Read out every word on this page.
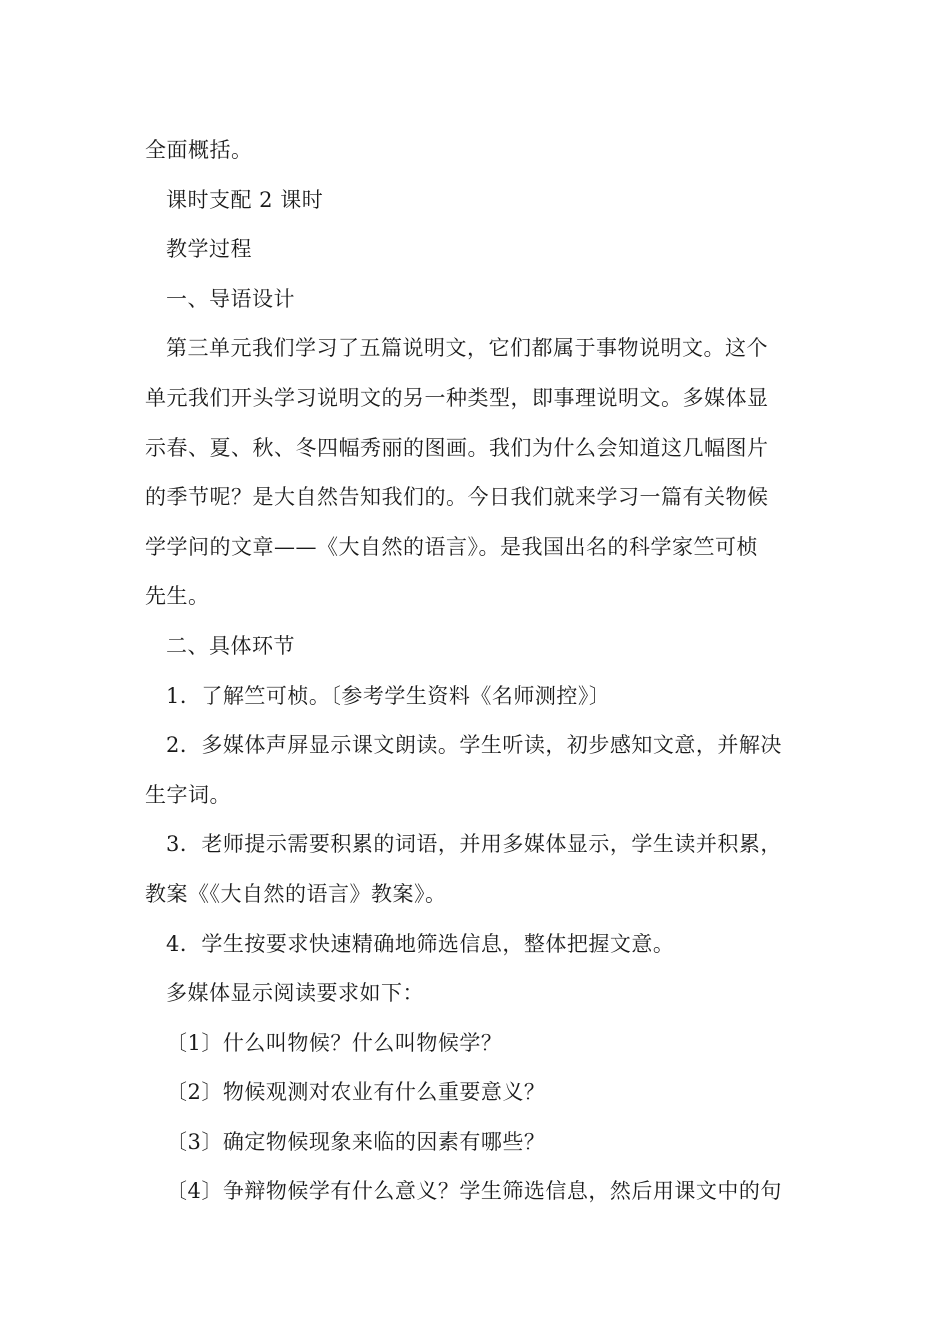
全面概括。
课时支配 2 课时
教学过程
一、导语设计
第三单元我们学习了五篇说明文，它们都属于事物说明文。这个
单元我们开头学习说明文的另一种类型，即事理说明文。多媒体显
示春、夏、秋、冬四幅秀丽的图画。我们为什么会知道这几幅图片
的季节呢？是大自然告知我们的。今日我们就来学习一篇有关物候
学学问的文章——《大自然的语言》。是我国出名的科学家竺可桢
先生。
二、具体环节
1．了解竺可桢。〔参考学生资料《名师测控》〕
2．多媒体声屏显示课文朗读。学生听读，初步感知文意，并解决
生字词。
3．老师提示需要积累的词语，并用多媒体显示，学生读并积累，
教案《《大自然的语言》教案》。
4．学生按要求快速精确地筛选信息，整体把握文意。
多媒体显示阅读要求如下：
〔1〕什么叫物候？什么叫物候学？
〔2〕物候观测对农业有什么重要意义？
〔3〕确定物候现象来临的因素有哪些？
〔4〕争辩物候学有什么意义？学生筛选信息，然后用课文中的句
